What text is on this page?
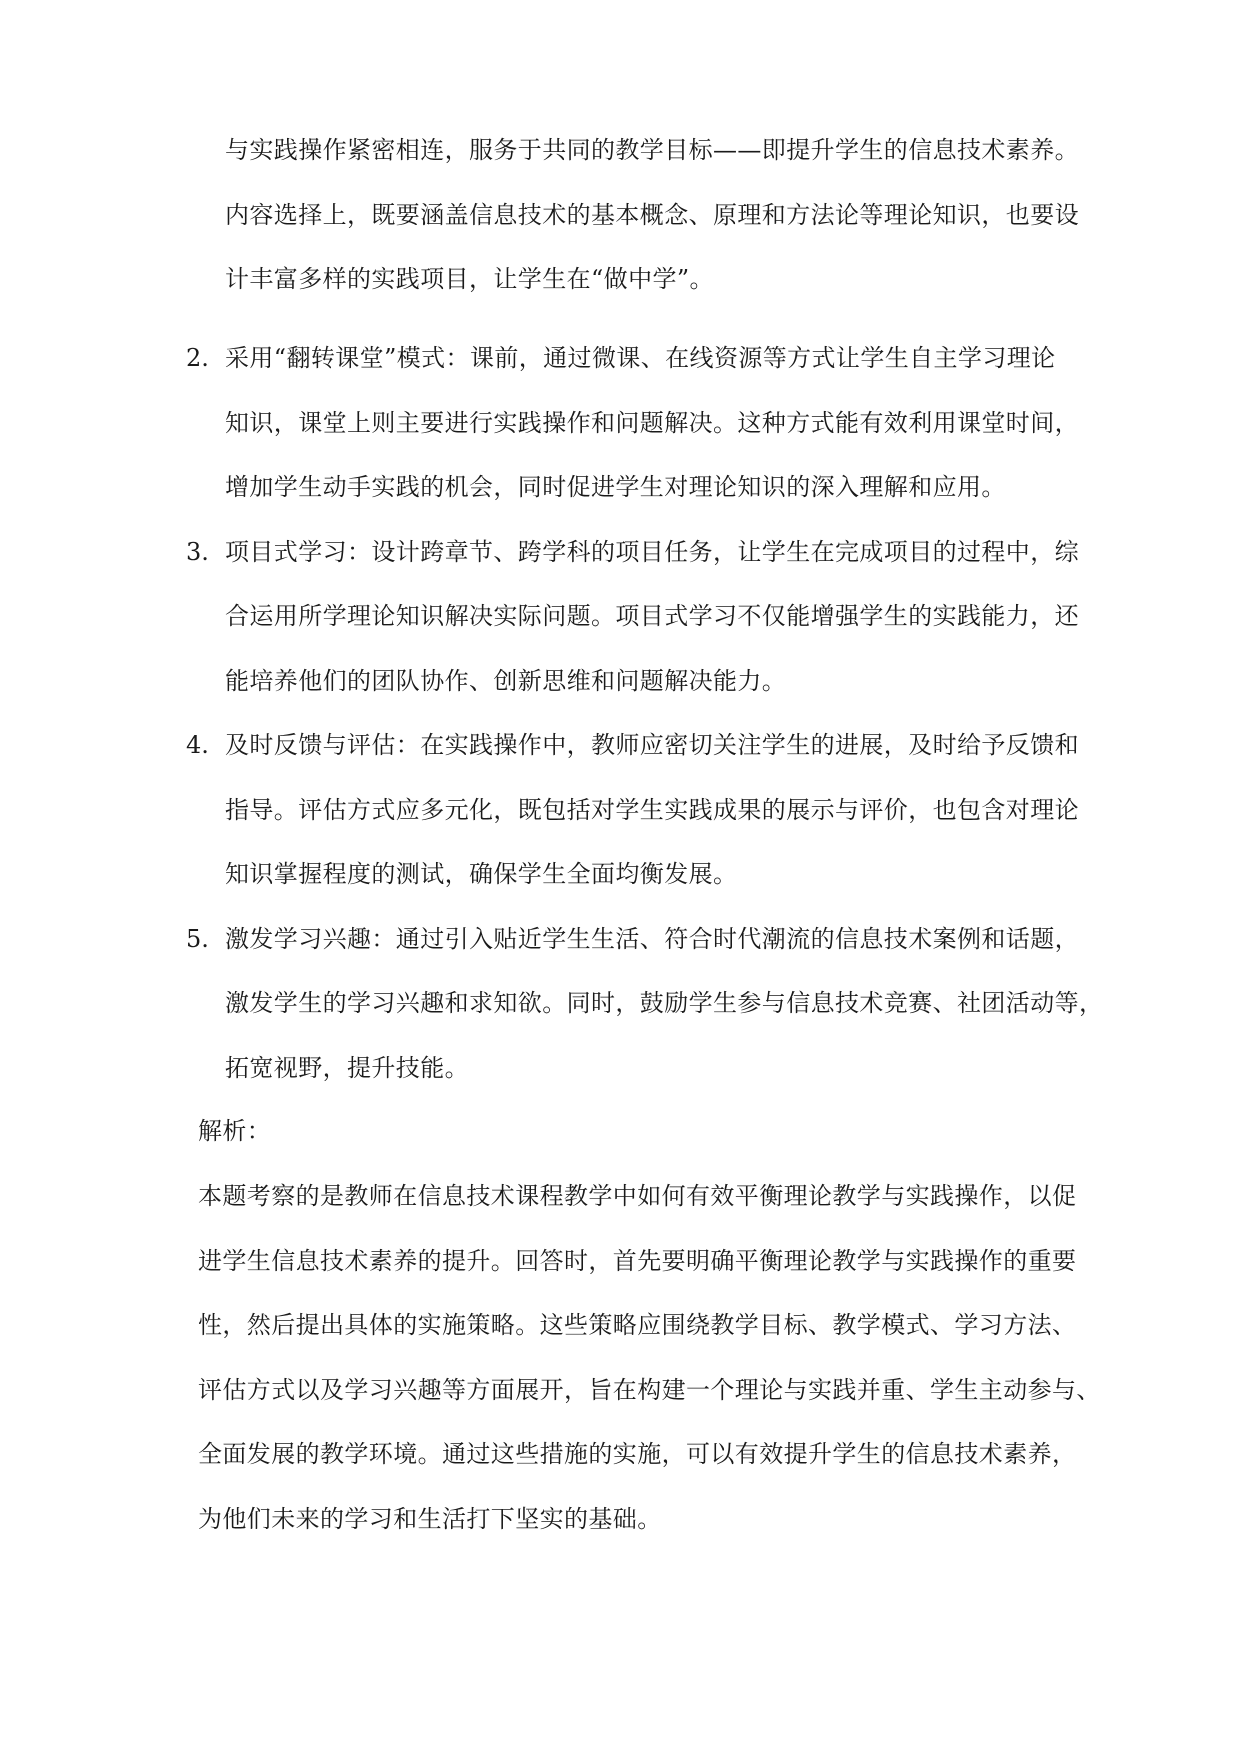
与实践操作紧密相连，服务于共同的教学目标——即提升学生的信息技术素养。
内容选择上，既要涵盖信息技术的基本概念、原理和方法论等理论知识，也要设
计丰富多样的实践项目，让学生在“做中学”。
2. 采用“翻转课堂”模式：课前，通过微课、在线资源等方式让学生自主学习理论
知识，课堂上则主要进行实践操作和问题解决。这种方式能有效利用课堂时间，
增加学生动手实践的机会，同时促进学生对理论知识的深入理解和应用。
3. 项目式学习：设计跨章节、跨学科的项目任务，让学生在完成项目的过程中，综
合运用所学理论知识解决实际问题。项目式学习不仅能增强学生的实践能力，还
能培养他们的团队协作、创新思维和问题解决能力。
4. 及时反馈与评估：在实践操作中，教师应密切关注学生的进展，及时给予反馈和
指导。评估方式应多元化，既包括对学生实践成果的展示与评价，也包含对理论
知识掌握程度的测试，确保学生全面均衡发展。
5. 激发学习兴趣：通过引入贴近学生生活、符合时代潮流的信息技术案例和话题，
激发学生的学习兴趣和求知欲。同时，鼓励学生参与信息技术竞赛、社团活动等，
拓宽视野，提升技能。
解析：
本题考察的是教师在信息技术课程教学中如何有效平衡理论教学与实践操作，以促
进学生信息技术素养的提升。回答时，首先要明确平衡理论教学与实践操作的重要
性，然后提出具体的实施策略。这些策略应围绕教学目标、教学模式、学习方法、
评估方式以及学习兴趣等方面展开，旨在构建一个理论与实践并重、学生主动参与、
全面发展的教学环境。通过这些措施的实施，可以有效提升学生的信息技术素养，
为他们未来的学习和生活打下坚实的基础。
